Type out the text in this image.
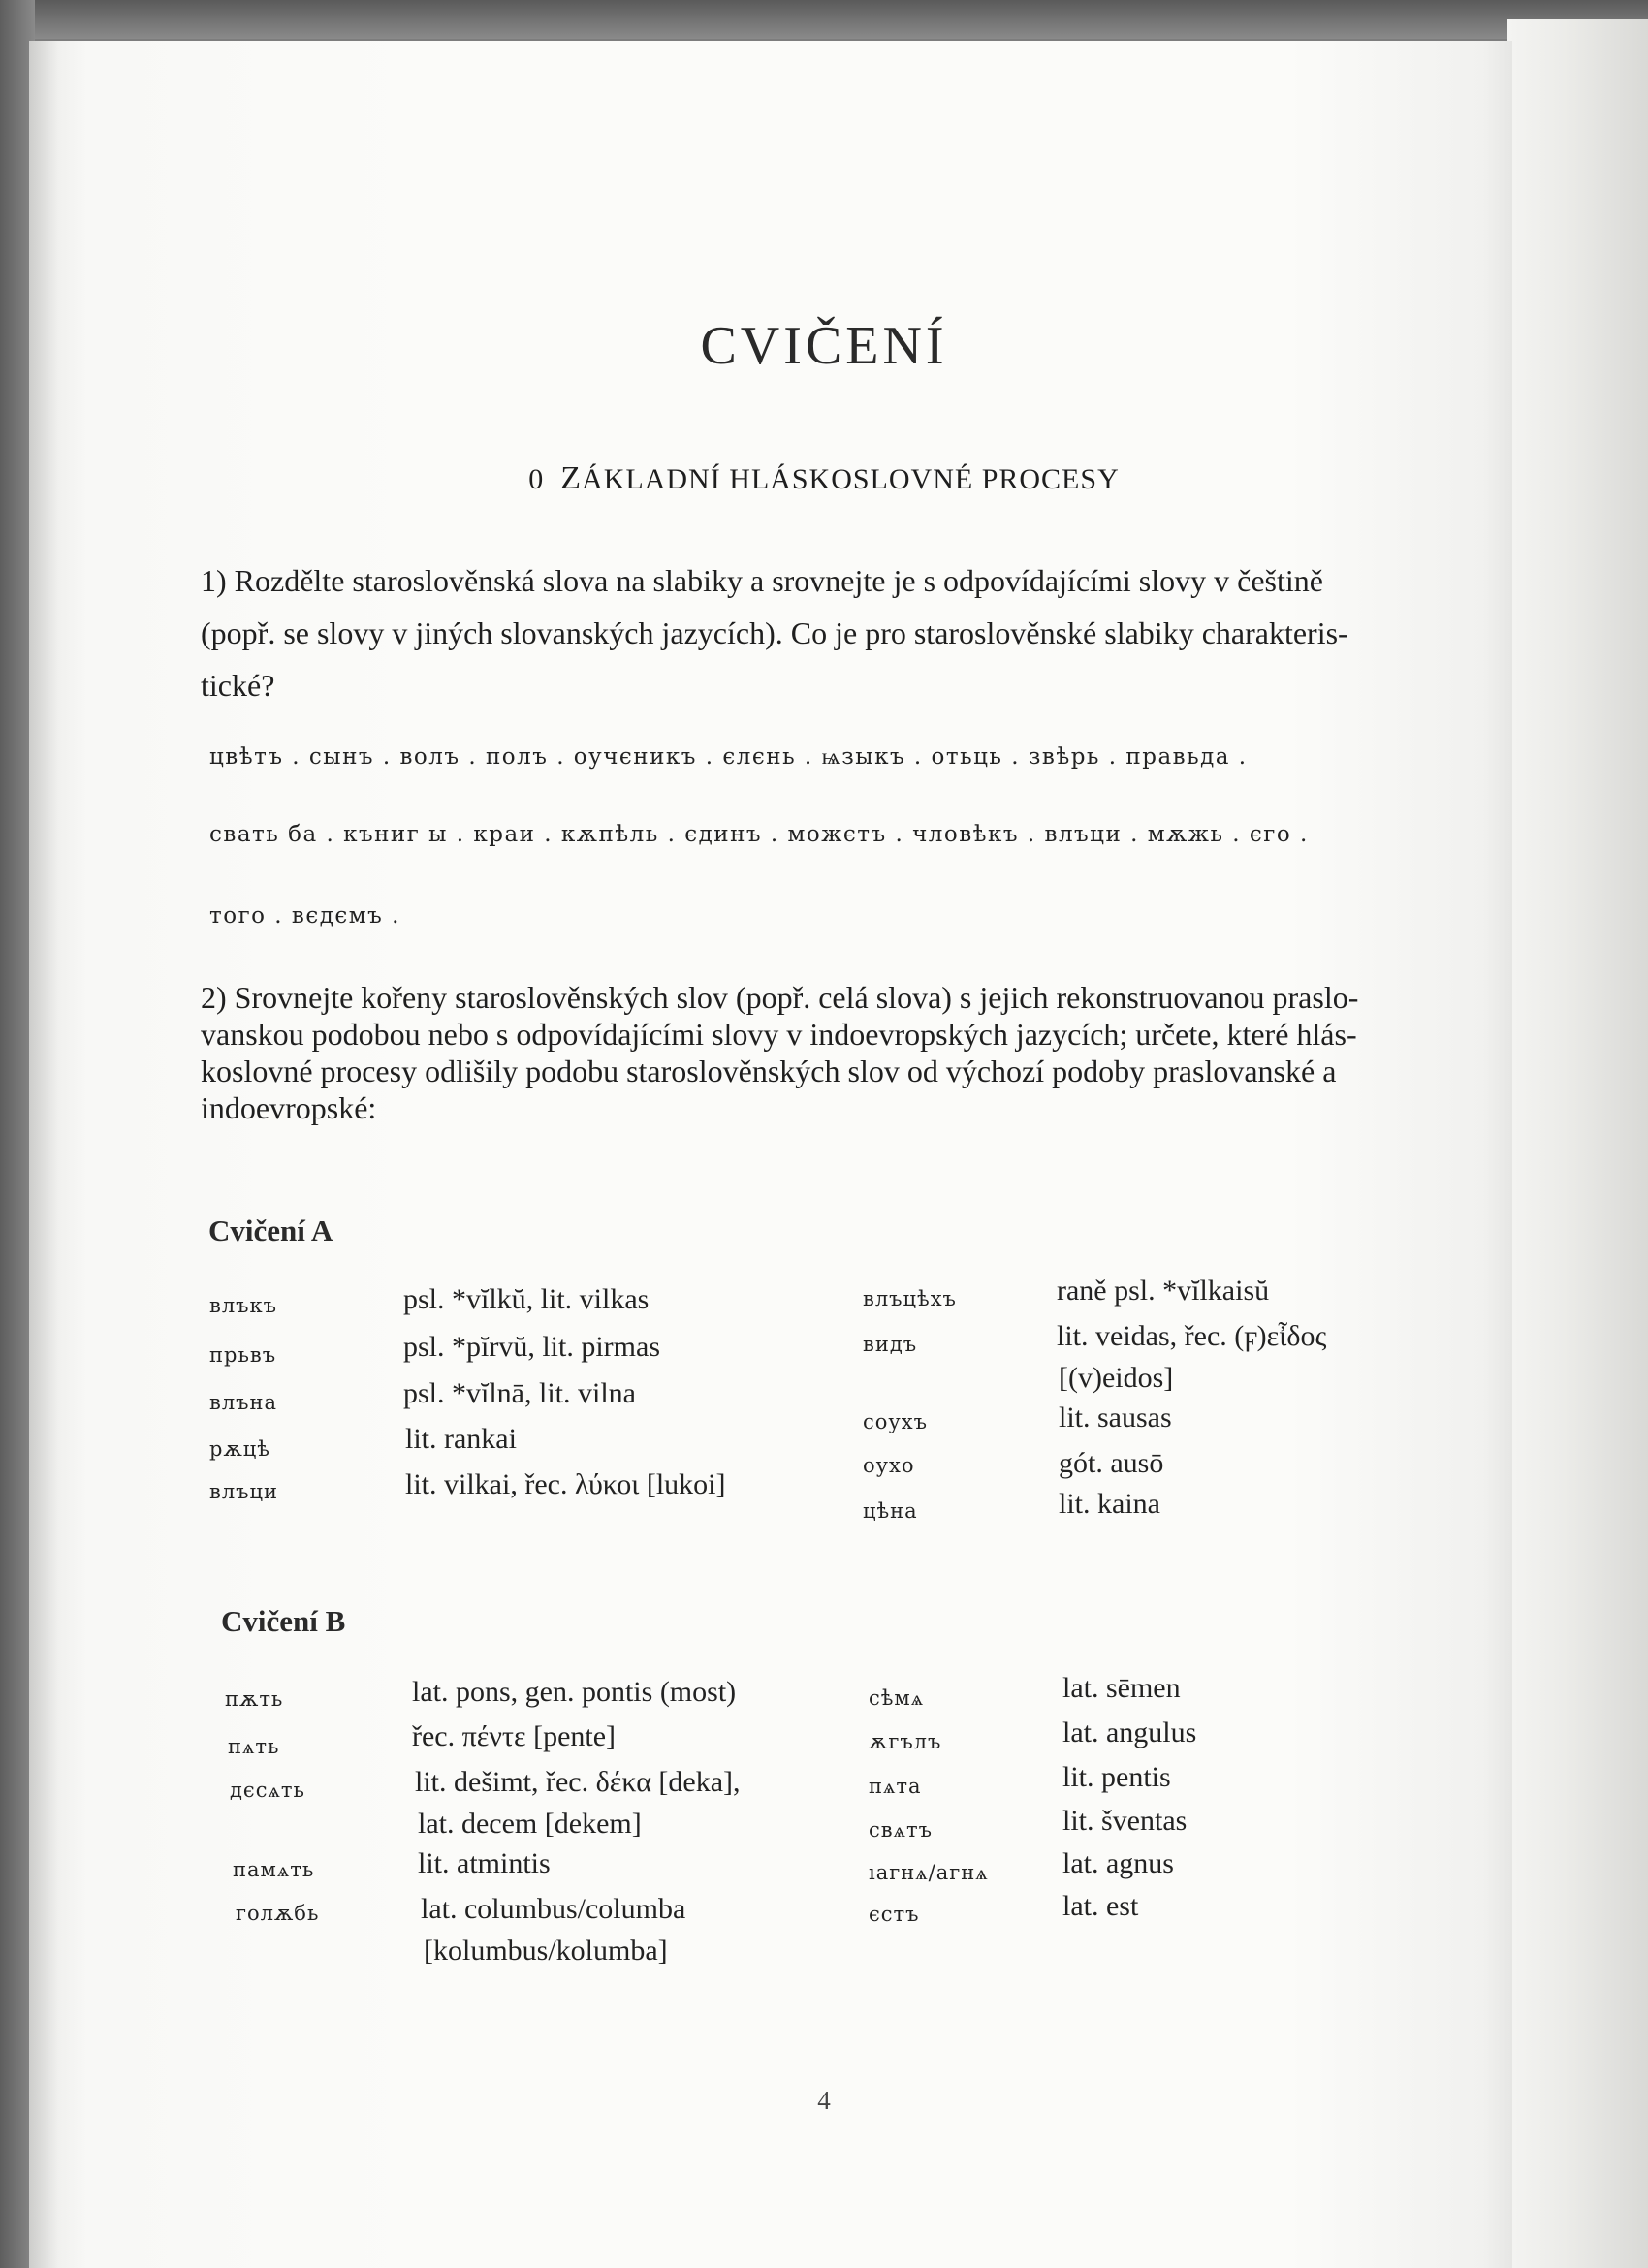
CVIČENÍ
0 ZÁKLADNÍ HLÁSKOSLOVNÉ PROCESY
1) Rozdělte staroslověnská slova na slabiky a srovnejte je s odpovídajícími slovy v češtině
(popř. se slovy v jiných slovanských jazycích). Co je pro staroslověnské slabiky charakteris-
tické?
цвѣтъ . сынъ . волъ . полъ . оучєникъ . єлєнь . ѩзыкъ . отьць . звѣрь . правьда .
свать ба . къниг ы . краи . кѫпѣль . єдинъ . можєтъ . чловѣкъ . влъци . мѫжь . єго .
того . вєдємъ .
2) Srovnejte kořeny staroslověnských slov (popř. celá slova) s jejich rekonstruovanou praslo-
vanskou podobou nebo s odpovídajícími slovy v indoevropských jazycích; určete, které hlás-
koslovné procesy odlišily podobu staroslověnských slov od výchozí podoby praslovanské a
indoevropské:
Cvičení A
влъкъ	psl. *vĭlkŭ, lit. vilkas
прьвъ	psl. *pĭrvŭ, lit. pirmas
влъна	psl. *vĭlnā, lit. vilna
рѫцѣ	lit. rankai
влъци	lit. vilkai, řec. λύκοι [lukoi]
влъцѣхъ	raně psl. *vĭlkaisŭ
видъ	lit. veidas, řec. (ϝ)εἶδος
[(v)eidos]
соухъ	lit. sausas
оухо	gót. ausō
цѣна	lit. kaina
Cvičení B
пѫть	lat. pons, gen. pontis (most)
пѧть	řec. πέντε [pente]
дєсѧть	lit. dešimt, řec. δέκα [deka],
lat. decem [dekem]
памѧть	lit. atmintis
голѫбь	lat. columbus/columba
[kolumbus/kolumba]
сѣмѧ	lat. sēmen
ѫгълъ	lat. angulus
пѧта	lit. pentis
свѧтъ	lit. šventas
ıагнѧ/агнѧ	lat. agnus
єстъ	lat. est
4
